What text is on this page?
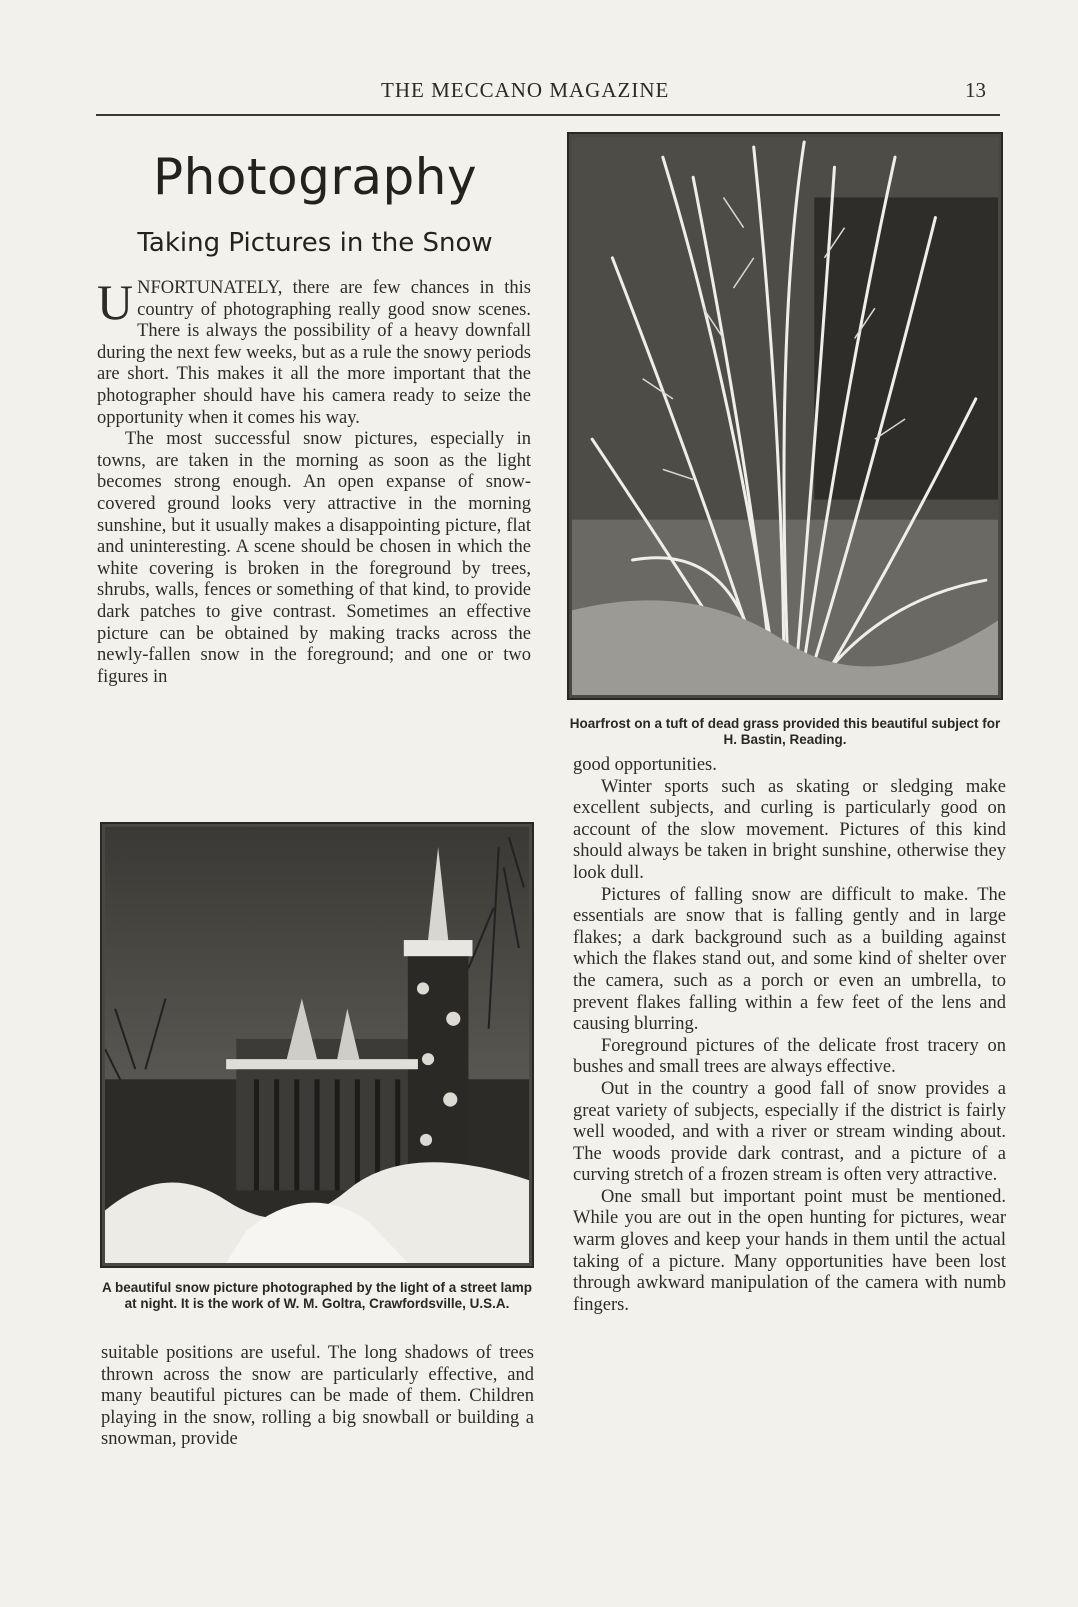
THE MECCANO MAGAZINE	13
Photography
Taking Pictures in the Snow

UNFORTUNATELY, there are few chances in this country of photographing really good snow scenes. There is always the possibility of a heavy downfall during the next few weeks, but as a rule the snowy periods are short. This makes it all the more important that the photographer should have his camera ready to seize the opportunity when it comes his way.

The most successful snow pictures, especially in towns, are taken in the morning as soon as the light becomes strong enough. An open expanse of snow-covered ground looks very attractive in the morning sunshine, but it usually makes a disappointing picture, flat and uninteresting. A scene should be chosen in which the white covering is broken in the foreground by trees, shrubs, walls, fences or something of that kind, to provide dark patches to give contrast. Sometimes an effective picture can be obtained by making tracks across the newly-fallen snow in the foreground; and one or two figures in

A beautiful snow picture photographed by the light of a street lamp at night. It is the work of W. M. Goltra, Crawfordsville, U.S.A.

suitable positions are useful. The long shadows of trees thrown across the snow are particularly effective, and many beautiful pictures can be made of them. Children playing in the snow, rolling a big snowball or building a snowman, provide

Hoarfrost on a tuft of dead grass provided this beautiful subject for H. Bastin, Reading.

good opportunities.

Winter sports such as skating or sledging make excellent subjects, and curling is particularly good on account of the slow movement. Pictures of this kind should always be taken in bright sunshine, otherwise they look dull.

Pictures of falling snow are difficult to make. The essentials are snow that is falling gently and in large flakes; a dark background such as a building against which the flakes stand out, and some kind of shelter over the camera, such as a porch or even an umbrella, to prevent flakes falling within a few feet of the lens and causing blurring.

Foreground pictures of the delicate frost tracery on bushes and small trees are always effective.

Out in the country a good fall of snow provides a great variety of subjects, especially if the district is fairly well wooded, and with a river or stream winding about. The woods provide dark contrast, and a picture of a curving stretch of a frozen stream is often very attractive.

One small but important point must be mentioned. While you are out in the open hunting for pictures, wear warm gloves and keep your hands in them until the actual taking of a picture. Many opportunities have been lost through awkward manipulation of the camera with numb fingers.
